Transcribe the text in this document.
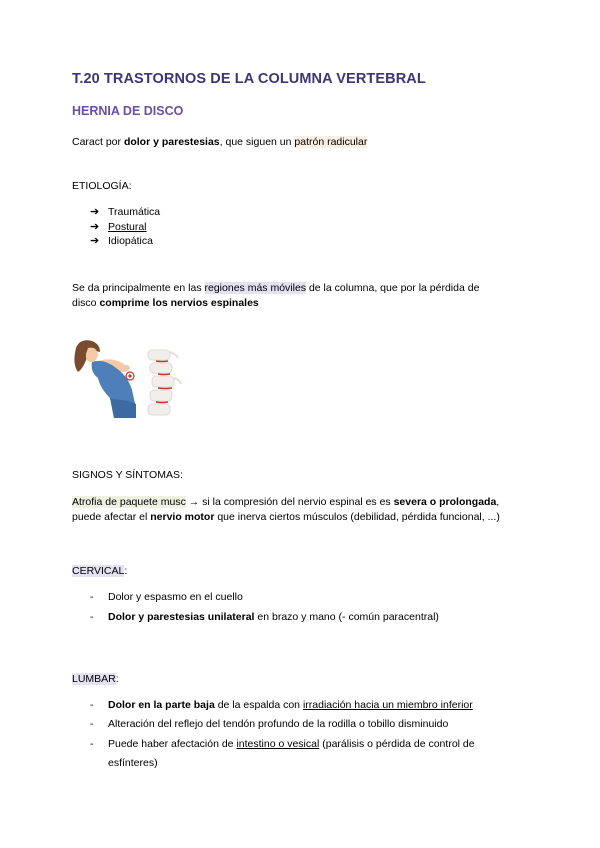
T.20 TRASTORNOS DE LA COLUMNA VERTEBRAL
HERNIA DE DISCO
Caract por dolor y parestesias, que siguen un patrón radicular
ETIOLOGÍA:
➔ Traumática
➔ Postural
➔ Idiopática
Se da principalmente en las regiones más móviles de la columna, que por la pérdida de
disco comprime los nervios espinales
SIGNOS Y SÍNTOMAS:
Atrofia de paquete musc → si la compresión del nervio espinal es es severa o prolongada,
puede afectar el nervio motor que inerva ciertos músculos (debilidad, pérdida funcional, ...)
CERVICAL:
- Dolor y espasmo en el cuello
- Dolor y parestesias unilateral en brazo y mano (- común paracentral)
LUMBAR:
- Dolor en la parte baja de la espalda con irradiación hacia un miembro inferior
- Alteración del reflejo del tendón profundo de la rodilla o tobillo disminuido
- Puede haber afectación de intestino o vesical (parálisis o pérdida de control de
esfínteres)
